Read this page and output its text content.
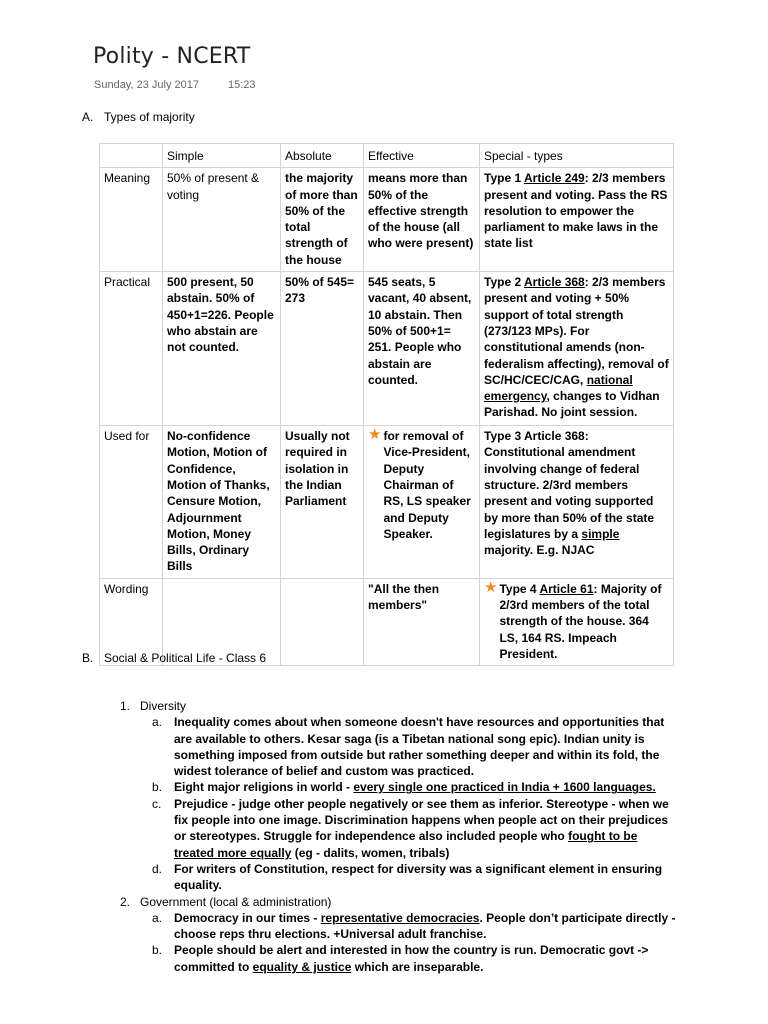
Polity - NCERT
Sunday, 23 July 2017	15:23
A. Types of majority
	Simple	Absolute	Effective	Special - types
Meaning	50% of present & voting	the majority of more than 50% of the total strength of the house	means more than 50% of the effective strength of the house (all who were present)	Type 1 Article 249: 2/3 members present and voting. Pass the RS resolution to empower the parliament to make laws in the state list
Practical	500 present, 50 abstain. 50% of 450+1=226. People who abstain are not counted.	50% of 545= 273	545 seats, 5 vacant, 40 absent, 10 abstain. Then 50% of 500+1= 251. People who abstain are counted.	Type 2 Article 368: 2/3 members present and voting + 50% support of total strength (273/123 MPs). For constitutional amends (non-federalism affecting), removal of SC/HC/CEC/CAG, national emergency, changes to Vidhan Parishad. No joint session.
Used for	No-confidence Motion, Motion of Confidence, Motion of Thanks, Censure Motion, Adjournment Motion, Money Bills, Ordinary Bills	Usually not required in isolation in the Indian Parliament	★ for removal of Vice-President, Deputy Chairman of RS, LS speaker and Deputy Speaker.	Type 3 Article 368: Constitutional amendment involving change of federal structure. 2/3rd members present and voting supported by more than 50% of the state legislatures by a simple majority. E.g. NJAC
Wording			"All the then members"	★ Type 4 Article 61: Majority of 2/3rd members of the total strength of the house. 364 LS, 164 RS. Impeach President.
B. Social & Political Life - Class 6
1. Diversity
a. Inequality comes about when someone doesn't have resources and opportunities that are available to others. Kesar saga (is a Tibetan national song epic). Indian unity is something imposed from outside but rather something deeper and within its fold, the widest tolerance of belief and custom was practiced.
b. Eight major religions in world - every single one practiced in India + 1600 languages.
c.	Prejudice - judge other people negatively or see them as inferior. Stereotype - when we fix people into one image. Discrimination happens when people act on their prejudices or stereotypes. Struggle for independence also included people who fought to be treated more equally (eg - dalits, women, tribals)
d. For writers of Constitution, respect for diversity was a significant element in ensuring equality.
2. Government (local & administration)
a. Democracy in our times - representative democracies. People don’t participate directly - choose reps thru elections. +Universal adult franchise.
b. People should be alert and interested in how the country is run. Democratic govt -> committed to equality & justice which are inseparable.
